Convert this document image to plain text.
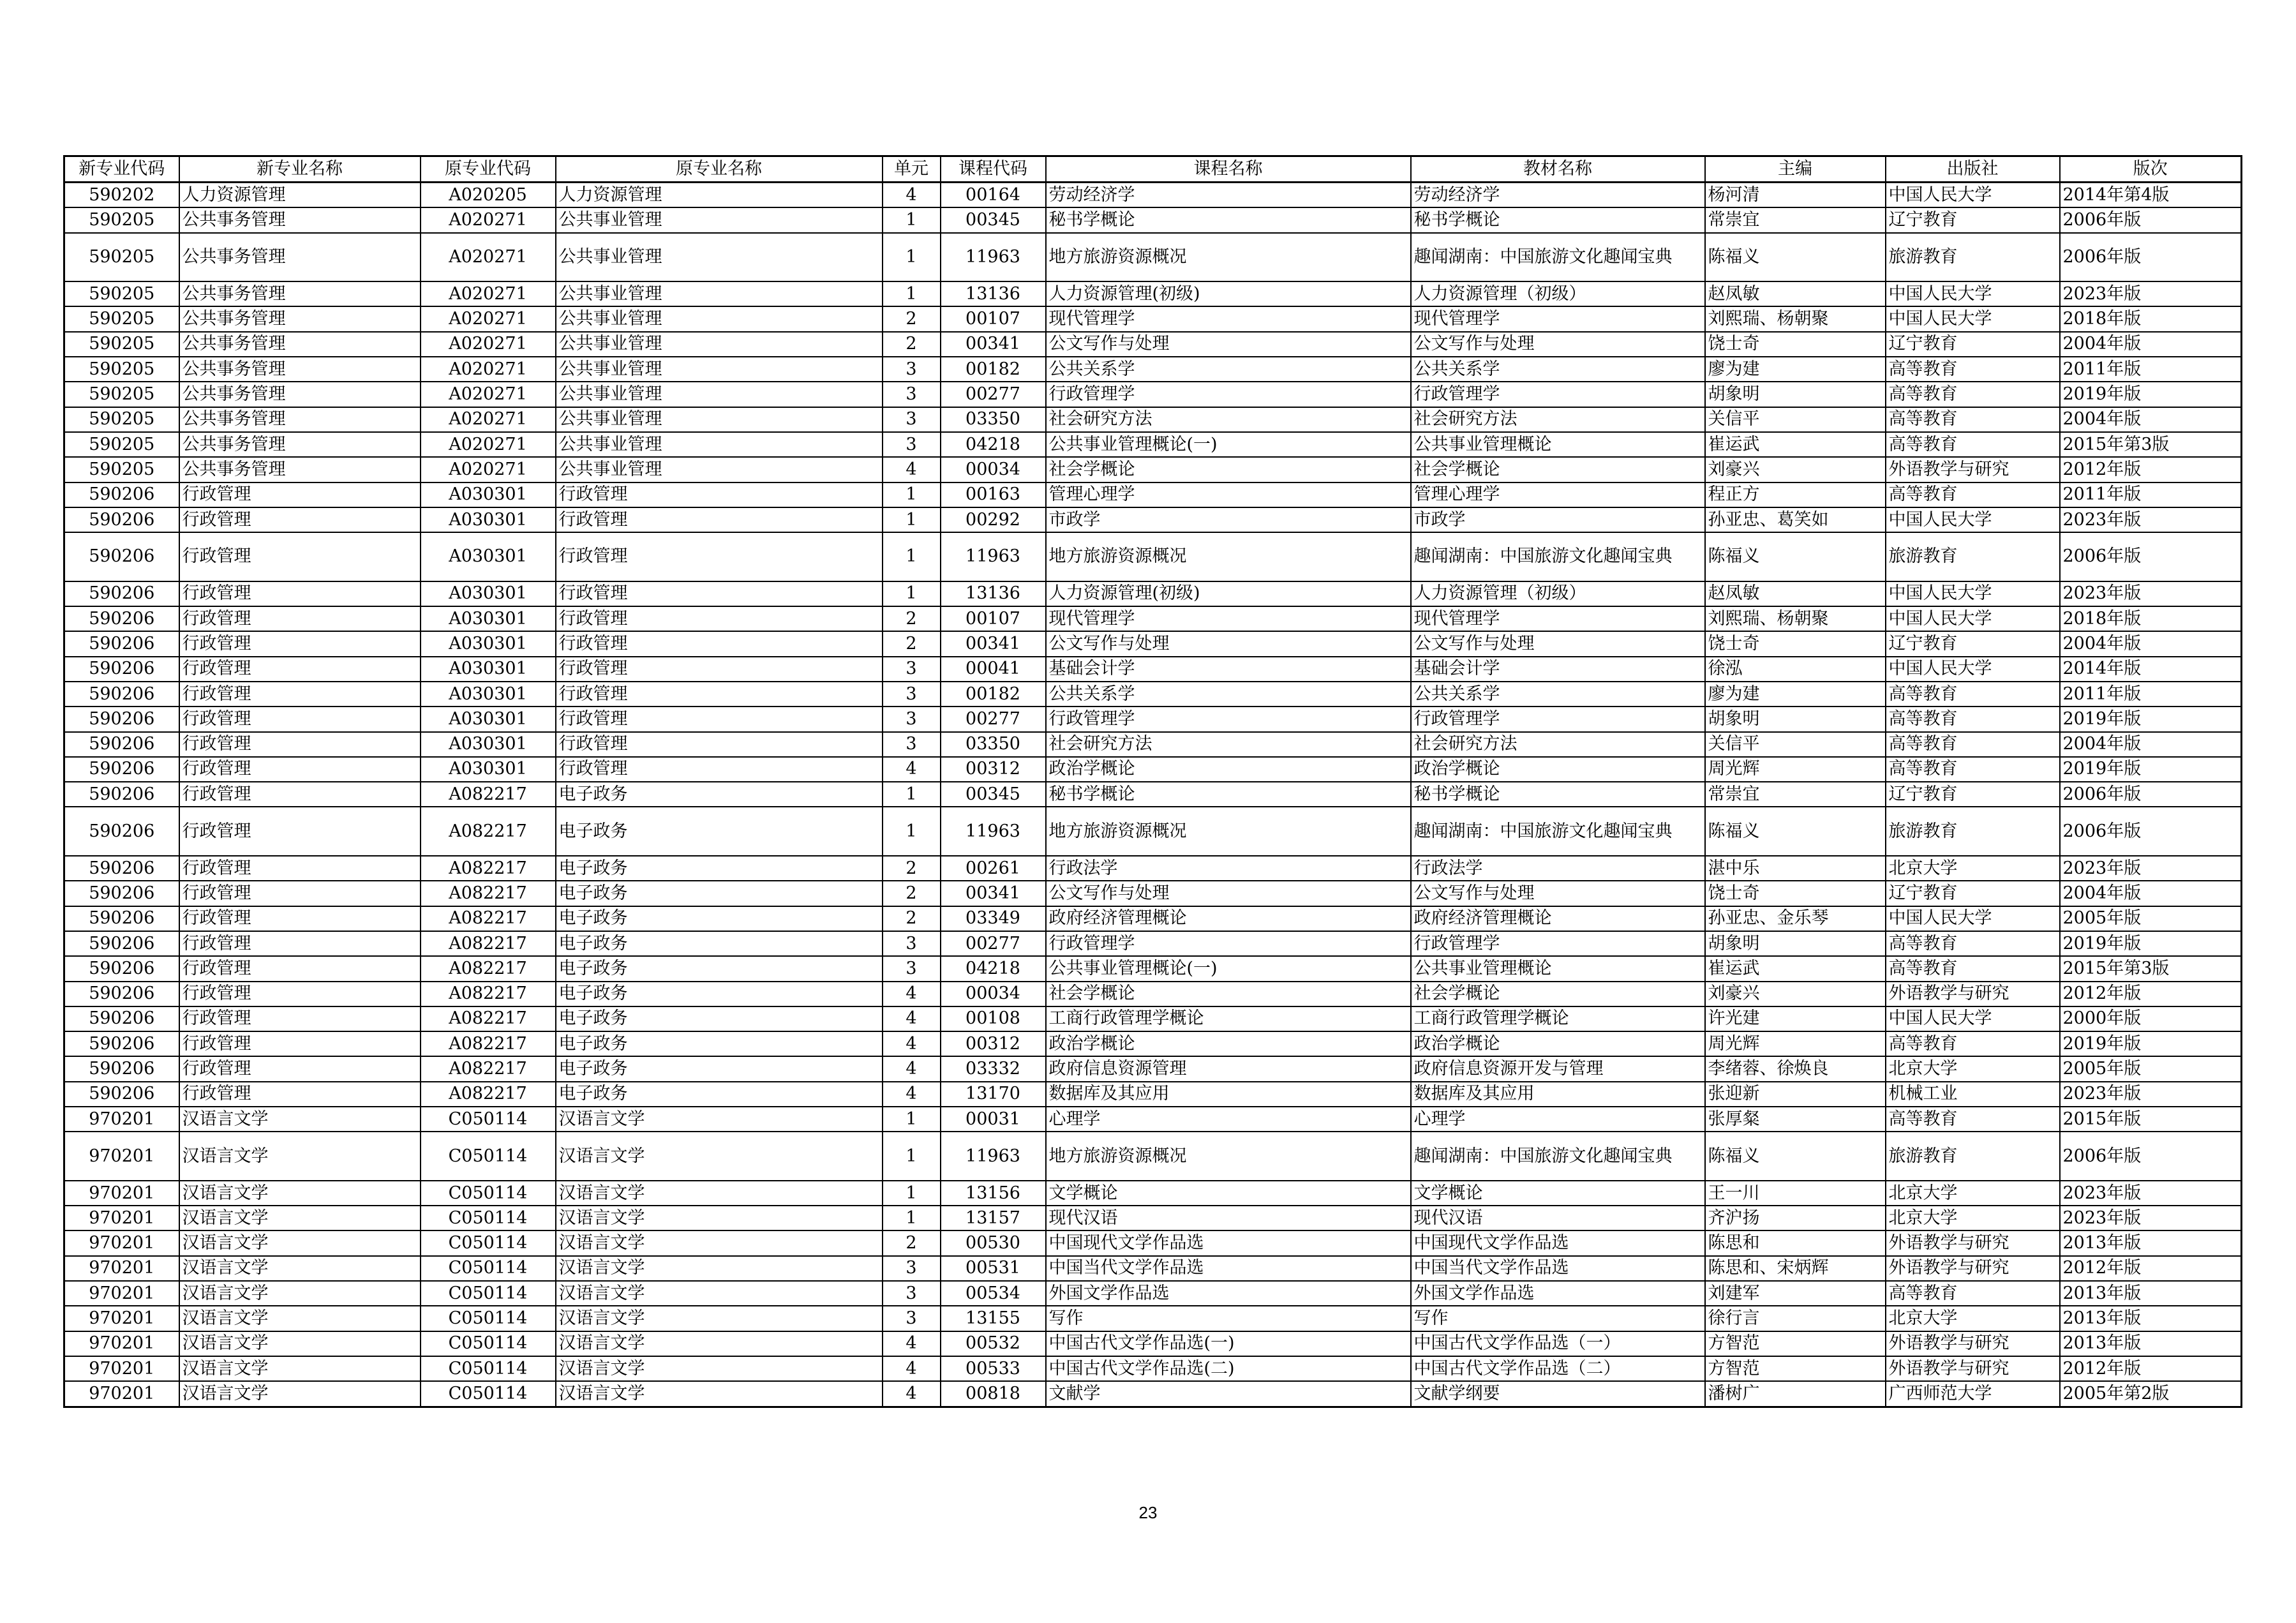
新专业代码	新专业名称	原专业代码	原专业名称	单元	课程代码	课程名称	教材名称	主编	出版社	版次
590202	人力资源管理	A020205	人力资源管理	4	00164	劳动经济学	劳动经济学	杨河清	中国人民大学	2014年第4版
590205	公共事务管理	A020271	公共事业管理	1	00345	秘书学概论	秘书学概论	常崇宜	辽宁教育	2006年版
590205	公共事务管理	A020271	公共事业管理	1	11963	地方旅游资源概况	趣闻湖南：中国旅游文化趣闻宝典	陈福义	旅游教育	2006年版
590205	公共事务管理	A020271	公共事业管理	1	13136	人力资源管理(初级)	人力资源管理（初级）	赵凤敏	中国人民大学	2023年版
590205	公共事务管理	A020271	公共事业管理	2	00107	现代管理学	现代管理学	刘熙瑞、杨朝聚	中国人民大学	2018年版
590205	公共事务管理	A020271	公共事业管理	2	00341	公文写作与处理	公文写作与处理	饶士奇	辽宁教育	2004年版
590205	公共事务管理	A020271	公共事业管理	3	00182	公共关系学	公共关系学	廖为建	高等教育	2011年版
590205	公共事务管理	A020271	公共事业管理	3	00277	行政管理学	行政管理学	胡象明	高等教育	2019年版
590205	公共事务管理	A020271	公共事业管理	3	03350	社会研究方法	社会研究方法	关信平	高等教育	2004年版
590205	公共事务管理	A020271	公共事业管理	3	04218	公共事业管理概论(一)	公共事业管理概论	崔运武	高等教育	2015年第3版
590205	公共事务管理	A020271	公共事业管理	4	00034	社会学概论	社会学概论	刘豪兴	外语教学与研究	2012年版
590206	行政管理	A030301	行政管理	1	00163	管理心理学	管理心理学	程正方	高等教育	2011年版
590206	行政管理	A030301	行政管理	1	00292	市政学	市政学	孙亚忠、葛笑如	中国人民大学	2023年版
590206	行政管理	A030301	行政管理	1	11963	地方旅游资源概况	趣闻湖南：中国旅游文化趣闻宝典	陈福义	旅游教育	2006年版
590206	行政管理	A030301	行政管理	1	13136	人力资源管理(初级)	人力资源管理（初级）	赵凤敏	中国人民大学	2023年版
590206	行政管理	A030301	行政管理	2	00107	现代管理学	现代管理学	刘熙瑞、杨朝聚	中国人民大学	2018年版
590206	行政管理	A030301	行政管理	2	00341	公文写作与处理	公文写作与处理	饶士奇	辽宁教育	2004年版
590206	行政管理	A030301	行政管理	3	00041	基础会计学	基础会计学	徐泓	中国人民大学	2014年版
590206	行政管理	A030301	行政管理	3	00182	公共关系学	公共关系学	廖为建	高等教育	2011年版
590206	行政管理	A030301	行政管理	3	00277	行政管理学	行政管理学	胡象明	高等教育	2019年版
590206	行政管理	A030301	行政管理	3	03350	社会研究方法	社会研究方法	关信平	高等教育	2004年版
590206	行政管理	A030301	行政管理	4	00312	政治学概论	政治学概论	周光辉	高等教育	2019年版
590206	行政管理	A082217	电子政务	1	00345	秘书学概论	秘书学概论	常崇宜	辽宁教育	2006年版
590206	行政管理	A082217	电子政务	1	11963	地方旅游资源概况	趣闻湖南：中国旅游文化趣闻宝典	陈福义	旅游教育	2006年版
590206	行政管理	A082217	电子政务	2	00261	行政法学	行政法学	湛中乐	北京大学	2023年版
590206	行政管理	A082217	电子政务	2	00341	公文写作与处理	公文写作与处理	饶士奇	辽宁教育	2004年版
590206	行政管理	A082217	电子政务	2	03349	政府经济管理概论	政府经济管理概论	孙亚忠、金乐琴	中国人民大学	2005年版
590206	行政管理	A082217	电子政务	3	00277	行政管理学	行政管理学	胡象明	高等教育	2019年版
590206	行政管理	A082217	电子政务	3	04218	公共事业管理概论(一)	公共事业管理概论	崔运武	高等教育	2015年第3版
590206	行政管理	A082217	电子政务	4	00034	社会学概论	社会学概论	刘豪兴	外语教学与研究	2012年版
590206	行政管理	A082217	电子政务	4	00108	工商行政管理学概论	工商行政管理学概论	许光建	中国人民大学	2000年版
590206	行政管理	A082217	电子政务	4	00312	政治学概论	政治学概论	周光辉	高等教育	2019年版
590206	行政管理	A082217	电子政务	4	03332	政府信息资源管理	政府信息资源开发与管理	李绪蓉、徐焕良	北京大学	2005年版
590206	行政管理	A082217	电子政务	4	13170	数据库及其应用	数据库及其应用	张迎新	机械工业	2023年版
970201	汉语言文学	C050114	汉语言文学	1	00031	心理学	心理学	张厚粲	高等教育	2015年版
970201	汉语言文学	C050114	汉语言文学	1	11963	地方旅游资源概况	趣闻湖南：中国旅游文化趣闻宝典	陈福义	旅游教育	2006年版
970201	汉语言文学	C050114	汉语言文学	1	13156	文学概论	文学概论	王一川	北京大学	2023年版
970201	汉语言文学	C050114	汉语言文学	1	13157	现代汉语	现代汉语	齐沪扬	北京大学	2023年版
970201	汉语言文学	C050114	汉语言文学	2	00530	中国现代文学作品选	中国现代文学作品选	陈思和	外语教学与研究	2013年版
970201	汉语言文学	C050114	汉语言文学	3	00531	中国当代文学作品选	中国当代文学作品选	陈思和、宋炳辉	外语教学与研究	2012年版
970201	汉语言文学	C050114	汉语言文学	3	00534	外国文学作品选	外国文学作品选	刘建军	高等教育	2013年版
970201	汉语言文学	C050114	汉语言文学	3	13155	写作	写作	徐行言	北京大学	2013年版
970201	汉语言文学	C050114	汉语言文学	4	00532	中国古代文学作品选(一)	中国古代文学作品选（一）	方智范	外语教学与研究	2013年版
970201	汉语言文学	C050114	汉语言文学	4	00533	中国古代文学作品选(二)	中国古代文学作品选（二）	方智范	外语教学与研究	2012年版
970201	汉语言文学	C050114	汉语言文学	4	00818	文献学	文献学纲要	潘树广	广西师范大学	2005年第2版
23
